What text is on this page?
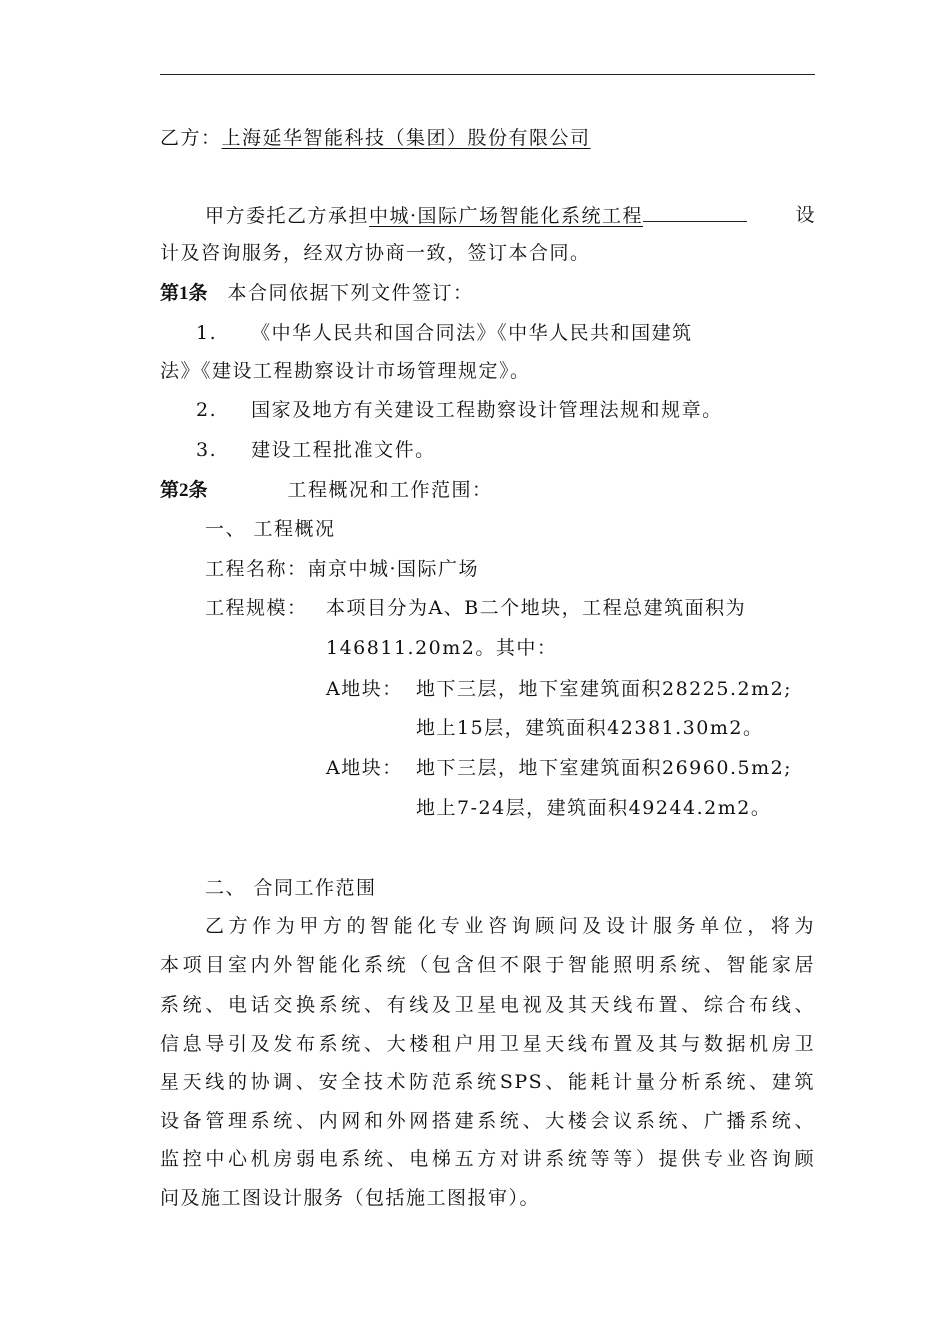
乙方：上海延华智能科技（集团）股份有限公司
甲方委托乙方承担中城·国际广场智能化系统工程	设
计及咨询服务，经双方协商一致，签订本合同。
第1条 本合同依据下列文件签订：
1. 《中华人民共和国合同法》《中华人民共和国建筑
法》《建设工程勘察设计市场管理规定》。
2. 国家及地方有关建设工程勘察设计管理法规和规章。
3. 建设工程批准文件。
第2条	工程概况和工作范围：
一、 工程概况
工程名称：南京中城·国际广场
工程规模： 本项目分为A、B二个地块，工程总建筑面积为
146811.20m2。其中：
A地块： 地下三层，地下室建筑面积28225.2m2;
地上15层，建筑面积42381.30m2。
A地块： 地下三层，地下室建筑面积26960.5m2;
地上7-24层，建筑面积49244.2m2。
二、 合同工作范围
乙方作为甲方的智能化专业咨询顾问及设计服务单位，将为
本项目室内外智能化系统（包含但不限于智能照明系统、智能家居
系统、电话交换系统、有线及卫星电视及其天线布置、综合布线、
信息导引及发布系统、大楼租户用卫星天线布置及其与数据机房卫
星天线的协调、安全技术防范系统SPS、能耗计量分析系统、建筑
设备管理系统、内网和外网搭建系统、大楼会议系统、广播系统、
监控中心机房弱电系统、电梯五方对讲系统等等）提供专业咨询顾
问及施工图设计服务（包括施工图报审）。
